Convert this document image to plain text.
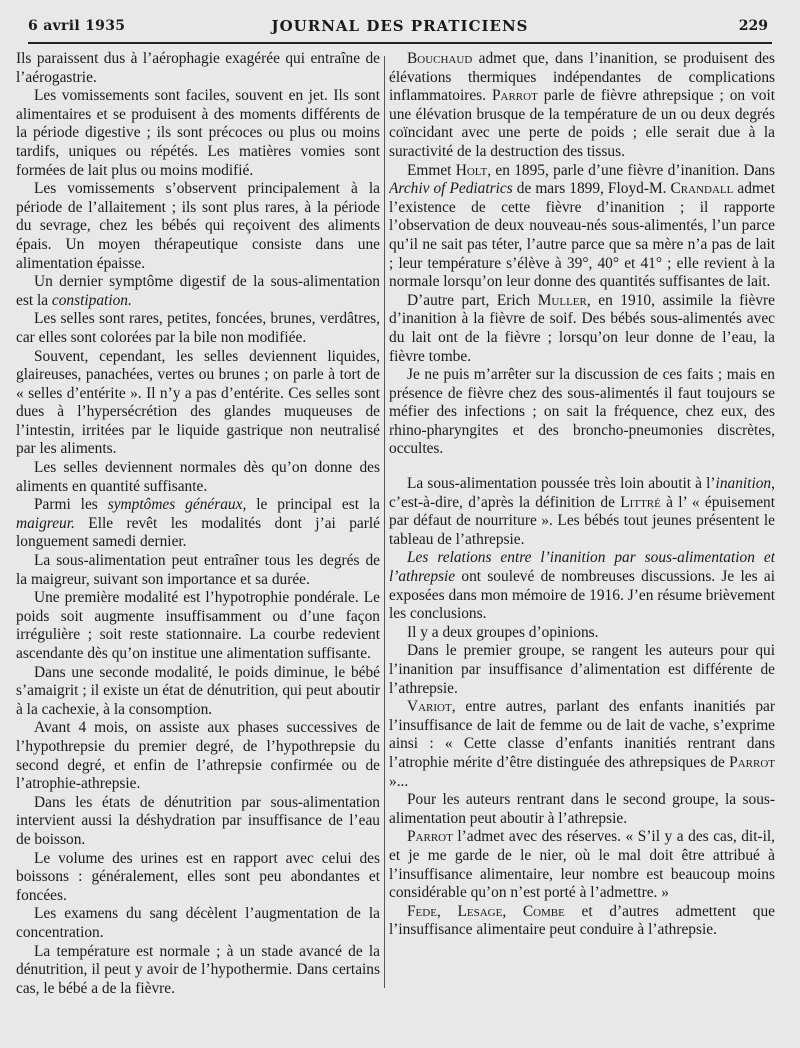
6 avril 1935	JOURNAL DES PRATICIENS	229

Ils paraissent dus à l’aérophagie exagérée qui entraîne de l’aérogastrie.

Les vomissements sont faciles, souvent en jet. Ils sont alimentaires et se produisent à des moments différents de la période digestive ; ils sont précoces ou plus ou moins tardifs, uniques ou répétés. Les matières vomies sont formées de lait plus ou moins modifié.

Les vomissements s’observent principalement à la période de l’allaitement ; ils sont plus rares, à la période du sevrage, chez les bébés qui reçoivent des aliments épais. Un moyen thérapeutique consiste dans une alimentation épaisse.

Un dernier symptôme digestif de la sous-alimentation est la constipation.

Les selles sont rares, petites, foncées, brunes, verdâtres, car elles sont colorées par la bile non modifiée.

Souvent, cependant, les selles deviennent liquides, glaireuses, panachées, vertes ou brunes ; on parle à tort de « selles d’entérite ». Il n’y a pas d’entérite. Ces selles sont dues à l’hypersécrétion des glandes muqueuses de l’intestin, irritées par le liquide gastrique non neutralisé par les aliments.

Les selles deviennent normales dès qu’on donne des aliments en quantité suffisante.

Parmi les symptômes généraux, le principal est la maigreur. Elle revêt les modalités dont j’ai parlé longuement samedi dernier.

La sous-alimentation peut entraîner tous les degrés de la maigreur, suivant son importance et sa durée.

Une première modalité est l’hypotrophie pondérale. Le poids soit augmente insuffisamment ou d’une façon irrégulière ; soit reste stationnaire. La courbe redevient ascendante dès qu’on institue une alimentation suffisante.

Dans une seconde modalité, le poids diminue, le bébé s’amaigrit ; il existe un état de dénutrition, qui peut aboutir à la cachexie, à la consomption.

Avant 4 mois, on assiste aux phases successives de l’hypothrepsie du premier degré, de l’hypothrepsie du second degré, et enfin de l’athrepsie confirmée ou de l’atrophie-athrepsie.

Dans les états de dénutrition par sous-alimentation intervient aussi la déshydration par insuffisance de l’eau de boisson.

Le volume des urines est en rapport avec celui des boissons : généralement, elles sont peu abondantes et foncées.

Les examens du sang décèlent l’augmentation de la concentration.

La température est normale ; à un stade avancé de la dénutrition, il peut y avoir de l’hypothermie. Dans certains cas, le bébé a de la fièvre.

Bouchaud admet que, dans l’inanition, se produisent des élévations thermiques indépendantes de complications inflammatoires. Parrot parle de fièvre athrepsique ; on voit une élévation brusque de la température de un ou deux degrés coïncidant avec une perte de poids ; elle serait due à la suractivité de la destruction des tissus.

Emmet Holt, en 1895, parle d’une fièvre d’inanition. Dans Archiv of Pediatrics de mars 1899, Floyd-M. Crandall admet l’existence de cette fièvre d’inanition ; il rapporte l’observation de deux nouveau-nés sous-alimentés, l’un parce qu’il ne sait pas téter, l’autre parce que sa mère n’a pas de lait ; leur température s’élève à 39°, 40° et 41° ; elle revient à la normale lorsqu’on leur donne des quantités suffisantes de lait.

D’autre part, Erich Muller, en 1910, assimile la fièvre d’inanition à la fièvre de soif. Des bébés sous-alimentés avec du lait ont de la fièvre ; lorsqu’on leur donne de l’eau, la fièvre tombe.

Je ne puis m’arrêter sur la discussion de ces faits ; mais en présence de fièvre chez des sous-alimentés il faut toujours se méfier des infections ; on sait la fréquence, chez eux, des rhino-pharyngites et des broncho-pneumonies discrètes, occultes.

La sous-alimentation poussée très loin aboutit à l’inanition, c’est-à-dire, d’après la définition de Littré à l’ « épuisement par défaut de nourriture ». Les bébés tout jeunes présentent le tableau de l’athrepsie.

Les relations entre l’inanition par sous-alimentation et l’athrepsie ont soulevé de nombreuses discussions. Je les ai exposées dans mon mémoire de 1916. J’en résume brièvement les conclusions.

Il y a deux groupes d’opinions.

Dans le premier groupe, se rangent les auteurs pour qui l’inanition par insuffisance d’alimentation est différente de l’athrepsie.

Variot, entre autres, parlant des enfants inanitiés par l’insuffisance de lait de femme ou de lait de vache, s’exprime ainsi : « Cette classe d’enfants inanitiés rentrant dans l’atrophie mérite d’être distinguée des athrepsiques de Parrot »...

Pour les auteurs rentrant dans le second groupe, la sous-alimentation peut aboutir à l’athrepsie.

Parrot l’admet avec des réserves. « S’il y a des cas, dit-il, et je me garde de le nier, où le mal doit être attribué à l’insuffisance alimentaire, leur nombre est beaucoup moins considérable qu’on n’est porté à l’admettre. »

Fede, Lesage, Combe et d’autres admettent que l’insuffisance alimentaire peut conduire à l’athrepsie.
